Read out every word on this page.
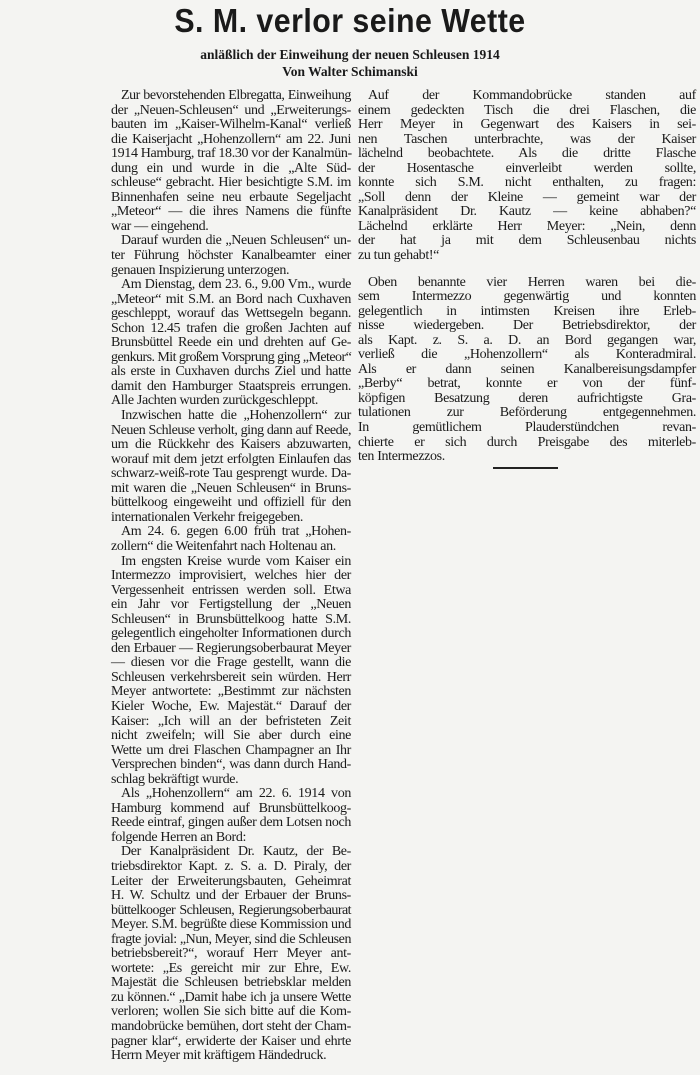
S. M. verlor seine Wette
anläßlich der Einweihung der neuen Schleusen 1914
Von Walter Schimanski
Zur bevorstehenden Elbregatta, Einweihung
der „Neuen-Schleusen“ und „Erweiterungs-
bauten im „Kaiser-Wilhelm-Kanal“ verließ
die Kaiserjacht „Hohenzollern“ am 22. Juni
1914 Hamburg, traf 18.30 vor der Kanalmün-
dung ein und wurde in die „Alte Süd-
schleuse“ gebracht. Hier besichtigte S.M. im
Binnenhafen seine neu erbaute Segeljacht
„Meteor“ — die ihres Namens die fünfte
war — eingehend.
Darauf wurden die „Neuen Schleusen“ un-
ter Führung höchster Kanalbeamter einer
genauen Inspizierung unterzogen.
Am Dienstag, dem 23. 6., 9.00 Vm., wurde
„Meteor“ mit S.M. an Bord nach Cuxhaven
geschleppt, worauf das Wettsegeln begann.
Schon 12.45 trafen die großen Jachten auf
Brunsbüttel Reede ein und drehten auf Ge-
genkurs. Mit großem Vorsprung ging „Meteor“
als erste in Cuxhaven durchs Ziel und hatte
damit den Hamburger Staatspreis errungen.
Alle Jachten wurden zurückgeschleppt.
Inzwischen hatte die „Hohenzollern“ zur
Neuen Schleuse verholt, ging dann auf Reede,
um die Rückkehr des Kaisers abzuwarten,
worauf mit dem jetzt erfolgten Einlaufen das
schwarz-weiß-rote Tau gesprengt wurde. Da-
mit waren die „Neuen Schleusen“ in Bruns-
büttelkoog eingeweiht und offiziell für den
internationalen Verkehr freigegeben.
Am 24. 6. gegen 6.00 früh trat „Hohen-
zollern“ die Weitenfahrt nach Holtenau an.
Im engsten Kreise wurde vom Kaiser ein
Intermezzo improvisiert, welches hier der
Vergessenheit entrissen werden soll. Etwa
ein Jahr vor Fertigstellung der „Neuen
Schleusen“ in Brunsbüttelkoog hatte S.M.
gelegentlich eingeholter Informationen durch
den Erbauer — Regierungsoberbaurat Meyer
— diesen vor die Frage gestellt, wann die
Schleusen verkehrsbereit sein würden. Herr
Meyer antwortete: „Bestimmt zur nächsten
Kieler Woche, Ew. Majestät.“ Darauf der
Kaiser: „Ich will an der befristeten Zeit
nicht zweifeln; will Sie aber durch eine
Wette um drei Flaschen Champagner an Ihr
Versprechen binden“, was dann durch Hand-
schlag bekräftigt wurde.
Als „Hohenzollern“ am 22. 6. 1914 von
Hamburg kommend auf Brunsbüttelkoog-
Reede eintraf, gingen außer dem Lotsen noch
folgende Herren an Bord:
Der Kanalpräsident Dr. Kautz, der Be-
triebsdirektor Kapt. z. S. a. D. Piraly, der
Leiter der Erweiterungsbauten, Geheimrat
H. W. Schultz und der Erbauer der Bruns-
büttelkooger Schleusen, Regierungsoberbaurat
Meyer. S.M. begrüßte diese Kommission und
fragte jovial: „Nun, Meyer, sind die Schleusen
betriebsbereit?“, worauf Herr Meyer ant-
wortete: „Es gereicht mir zur Ehre, Ew.
Majestät die Schleusen betriebsklar melden
zu können.“ „Damit habe ich ja unsere Wette
verloren; wollen Sie sich bitte auf die Kom-
mandobrücke bemühen, dort steht der Cham-
pagner klar“, erwiderte der Kaiser und ehrte
Herrn Meyer mit kräftigem Händedruck.
Auf der Kommandobrücke standen auf
einem gedeckten Tisch die drei Flaschen, die
Herr Meyer in Gegenwart des Kaisers in sei-
nen Taschen unterbrachte, was der Kaiser
lächelnd beobachtete. Als die dritte Flasche
der Hosentasche einverleibt werden sollte,
konnte sich S.M. nicht enthalten, zu fragen:
„Soll denn der Kleine — gemeint war der
Kanalpräsident Dr. Kautz — keine abhaben?“
Lächelnd erklärte Herr Meyer: „Nein, denn
der hat ja mit dem Schleusenbau nichts
zu tun gehabt!“
Oben benannte vier Herren waren bei die-
sem Intermezzo gegenwärtig und konnten
gelegentlich in intimsten Kreisen ihre Erleb-
nisse wiedergeben. Der Betriebsdirektor, der
als Kapt. z. S. a. D. an Bord gegangen war,
verließ die „Hohenzollern“ als Konteradmiral.
Als er dann seinen Kanalbereisungsdampfer
„Berby“ betrat, konnte er von der fünf-
köpfigen Besatzung deren aufrichtigste Gra-
tulationen zur Beförderung entgegennehmen.
In gemütlichem Plauderstündchen revan-
chierte er sich durch Preisgabe des miterleb-
ten Intermezzos.
